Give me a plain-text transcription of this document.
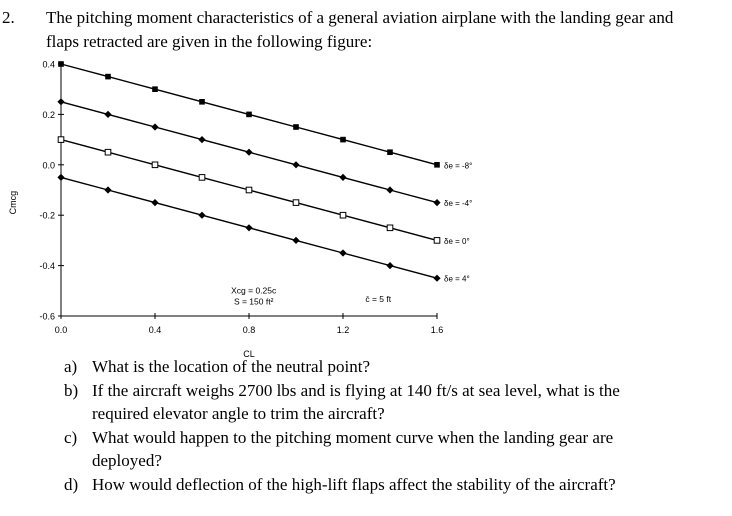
2.	The pitching moment characteristics of a general aviation airplane with the landing gear and
flaps retracted are given in the following figure:
-0.6
-0.4
-0.2
0.0
0.2
0.4
0.0	0.4	0.8	1.2	1.6
CL
Cmcg
δe = -8°
δe = -4°
δe = 0°
δe = 4°
Xcg = 0.25c
S = 150 ft²	c̄ = 5 ft
a) What is the location of the neutral point?
b) If the aircraft weighs 2700 lbs and is flying at 140 ft/s at sea level, what is the
required elevator angle to trim the aircraft?
c) What would happen to the pitching moment curve when the landing gear are
deployed?
d) How would deflection of the high-lift flaps affect the stability of the aircraft?
